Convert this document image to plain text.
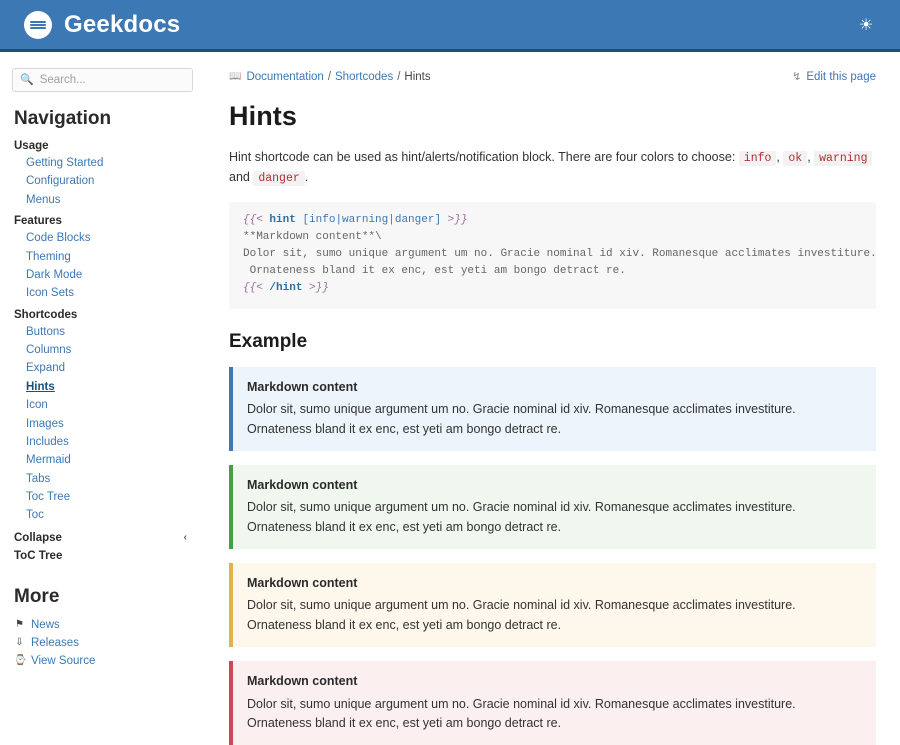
Geekdocs	☀
🔍
Search...
Navigation
Usage
Getting Started
Configuration
Menus
Features
Code Blocks
Theming
Dark Mode
Icon Sets
Shortcodes
Buttons
Columns
Expand
Hints
Icon
Images
Includes
Mermaid
Tabs
Toc Tree
Toc
Collapse	‹
ToC Tree
More
⚑ News
⇩ Releases
⌚ View Source
📖 Documentation / Shortcodes / Hints	↯ Edit this page
Hints

Hint shortcode can be used as hint/alerts/notification block. There are four colors to choose: info , ok , warning and danger .

{{< hint [info|warning|danger] >}}
**Markdown content**\
Dolor sit, sumo unique argument um no. Gracie nominal id xiv. Romanesque acclimates investiture.
Ornateness bland it ex enc, est yeti am bongo detract re.
{{< /hint >}}
Example
Markdown content
Dolor sit, sumo unique argument um no. Gracie nominal id xiv. Romanesque acclimates investiture. Ornateness bland it ex enc, est yeti am bongo detract re.
Markdown content
Dolor sit, sumo unique argument um no. Gracie nominal id xiv. Romanesque acclimates investiture. Ornateness bland it ex enc, est yeti am bongo detract re.
Markdown content
Dolor sit, sumo unique argument um no. Gracie nominal id xiv. Romanesque acclimates investiture. Ornateness bland it ex enc, est yeti am bongo detract re.
Markdown content
Dolor sit, sumo unique argument um no. Gracie nominal id xiv. Romanesque acclimates investiture. Ornateness bland it ex enc, est yeti am bongo detract re.
